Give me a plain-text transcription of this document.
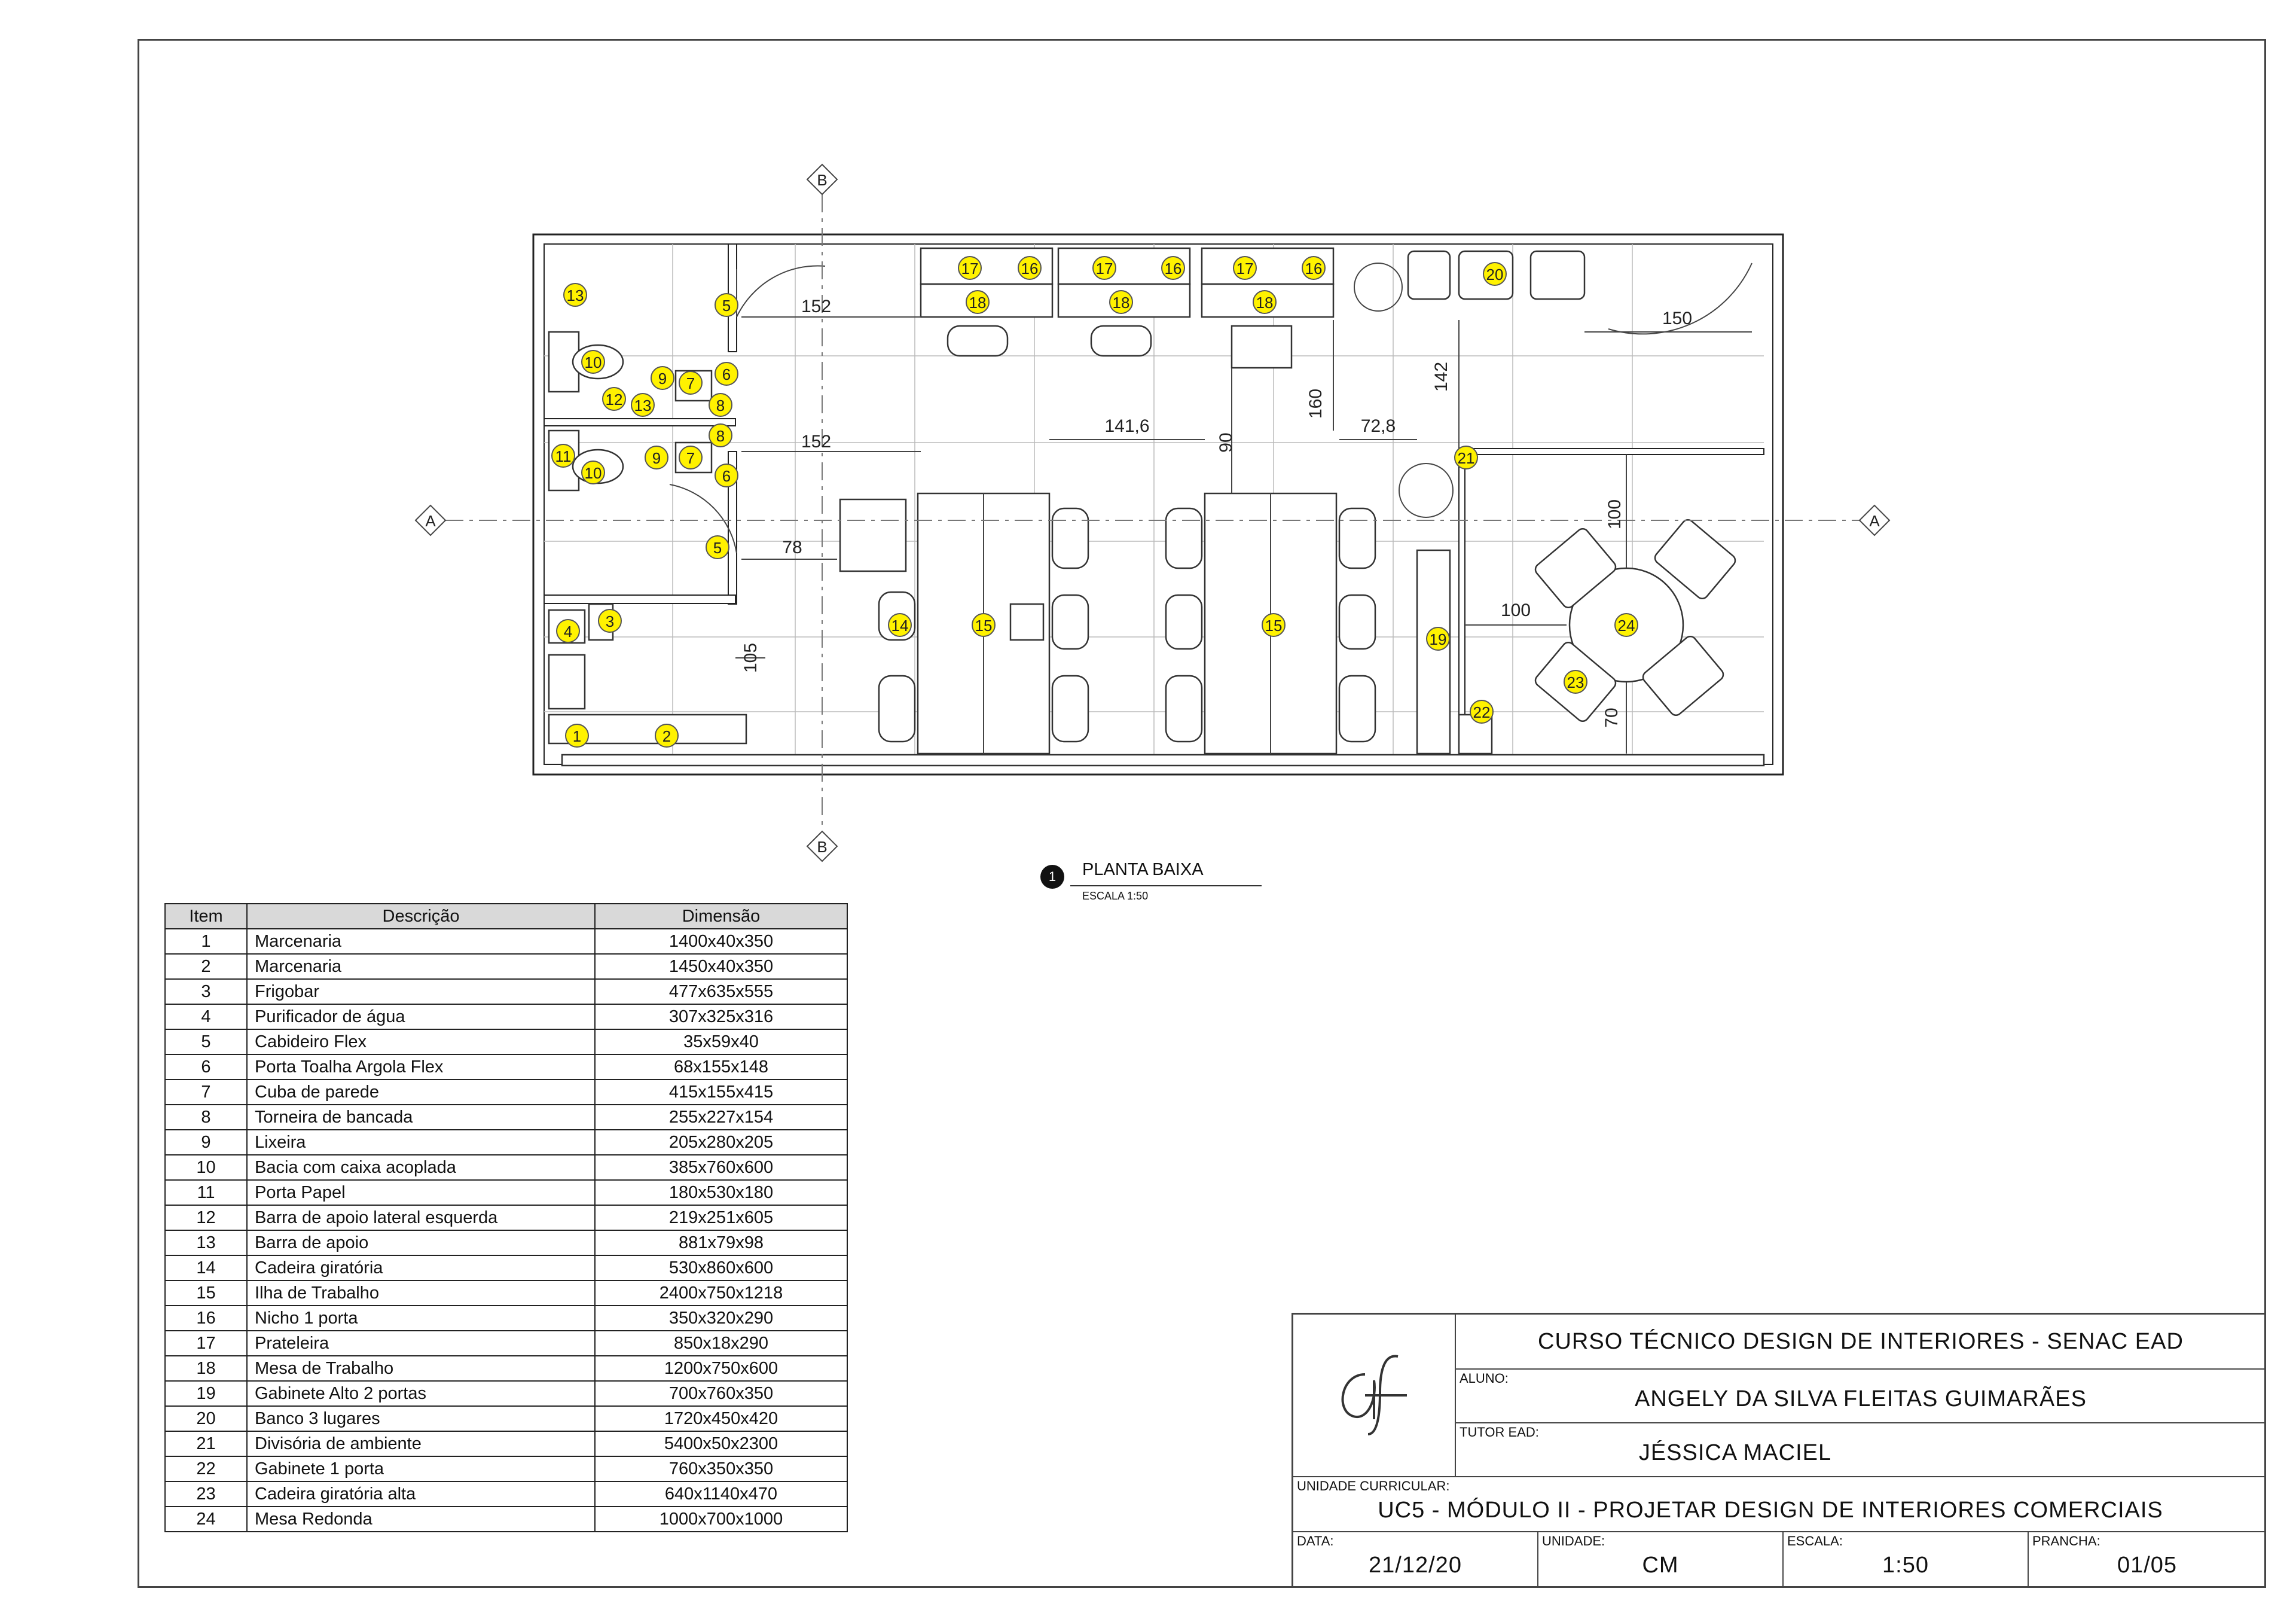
B
B
A	A
152
152
78
105
141,6
90
160
72,8
142
150
100
100
70
1	2
3
4
5
5
6
6
7
7
8
8
9
9
10
10
11
12
13
13
14	15	15
16	16	16
17	17	17
18	18	18
19
20
21
22
23
24
1	PLANTA BAIXA
ESCALA 1:50
Item	Descrição	Dimensão
1	Marcenaria	1400x40x350
2	Marcenaria	1450x40x350
3	Frigobar	477x635x555
4	Purificador de água	307x325x316
5	Cabideiro Flex	35x59x40
6	Porta Toalha Argola Flex	68x155x148
7	Cuba de parede	415x155x415
8	Torneira de bancada	255x227x154
9	Lixeira	205x280x205
10	Bacia com caixa acoplada	385x760x600
11	Porta Papel	180x530x180
12	Barra de apoio lateral esquerda	219x251x605
13	Barra de apoio	881x79x98
14	Cadeira giratória	530x860x600
15	Ilha de Trabalho	2400x750x1218
16	Nicho 1 porta	350x320x290
17	Prateleira	850x18x290
18	Mesa de Trabalho	1200x750x600
19	Gabinete Alto 2 portas	700x760x350
20	Banco 3 lugares	1720x450x420
21	Divisória de ambiente	5400x50x2300
22	Gabinete 1 porta	760x350x350
23	Cadeira giratória alta	640x1140x470
24	Mesa Redonda	1000x700x1000
CURSO TÉCNICO DESIGN DE INTERIORES - SENAC EAD
ALUNO:
ANGELY DA SILVA FLEITAS GUIMARÃES
TUTOR EAD:
JÉSSICA MACIEL
UNIDADE CURRICULAR:
UC5 - MÓDULO II - PROJETAR DESIGN DE INTERIORES COMERCIAIS
DATA:
21/12/20
UNIDADE:
CM
ESCALA:
1:50
PRANCHA:
01/05
